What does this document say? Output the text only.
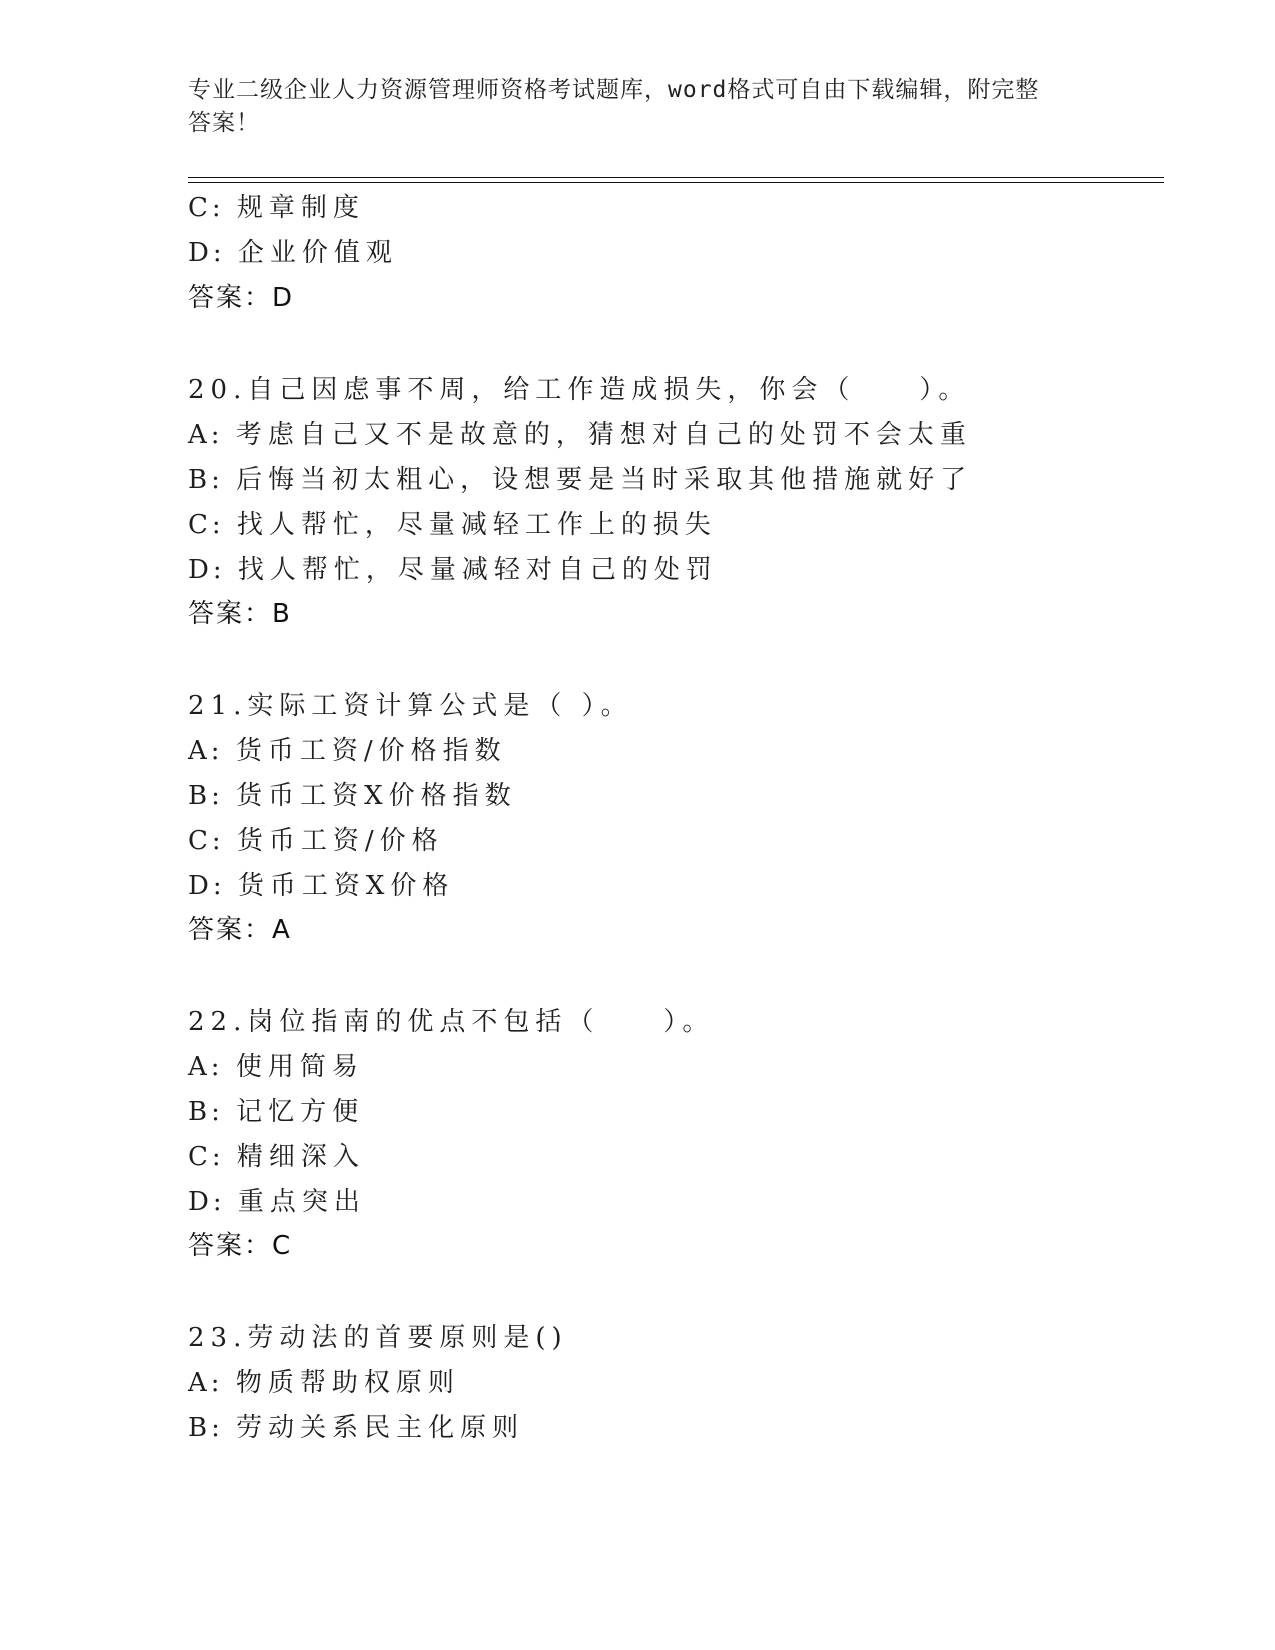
专业二级企业人力资源管理师资格考试题库，word格式可自由下载编辑，附完整
答案！
C: 规章制度
D: 企业价值观
答案：D
20.自己因虑事不周，给工作造成损失，你会（　　）。
A: 考虑自己又不是故意的，猜想对自己的处罚不会太重
B: 后悔当初太粗心，设想要是当时采取其他措施就好了
C: 找人帮忙，尽量减轻工作上的损失
D: 找人帮忙，尽量减轻对自己的处罚
答案：B
21.实际工资计算公式是（ ）。
A: 货币工资/价格指数
B: 货币工资X价格指数
C: 货币工资/价格
D: 货币工资X价格
答案：A
22.岗位指南的优点不包括（　　）。
A: 使用简易
B: 记忆方便
C: 精细深入
D: 重点突出
答案：C
23.劳动法的首要原则是()
A: 物质帮助权原则
B: 劳动关系民主化原则
